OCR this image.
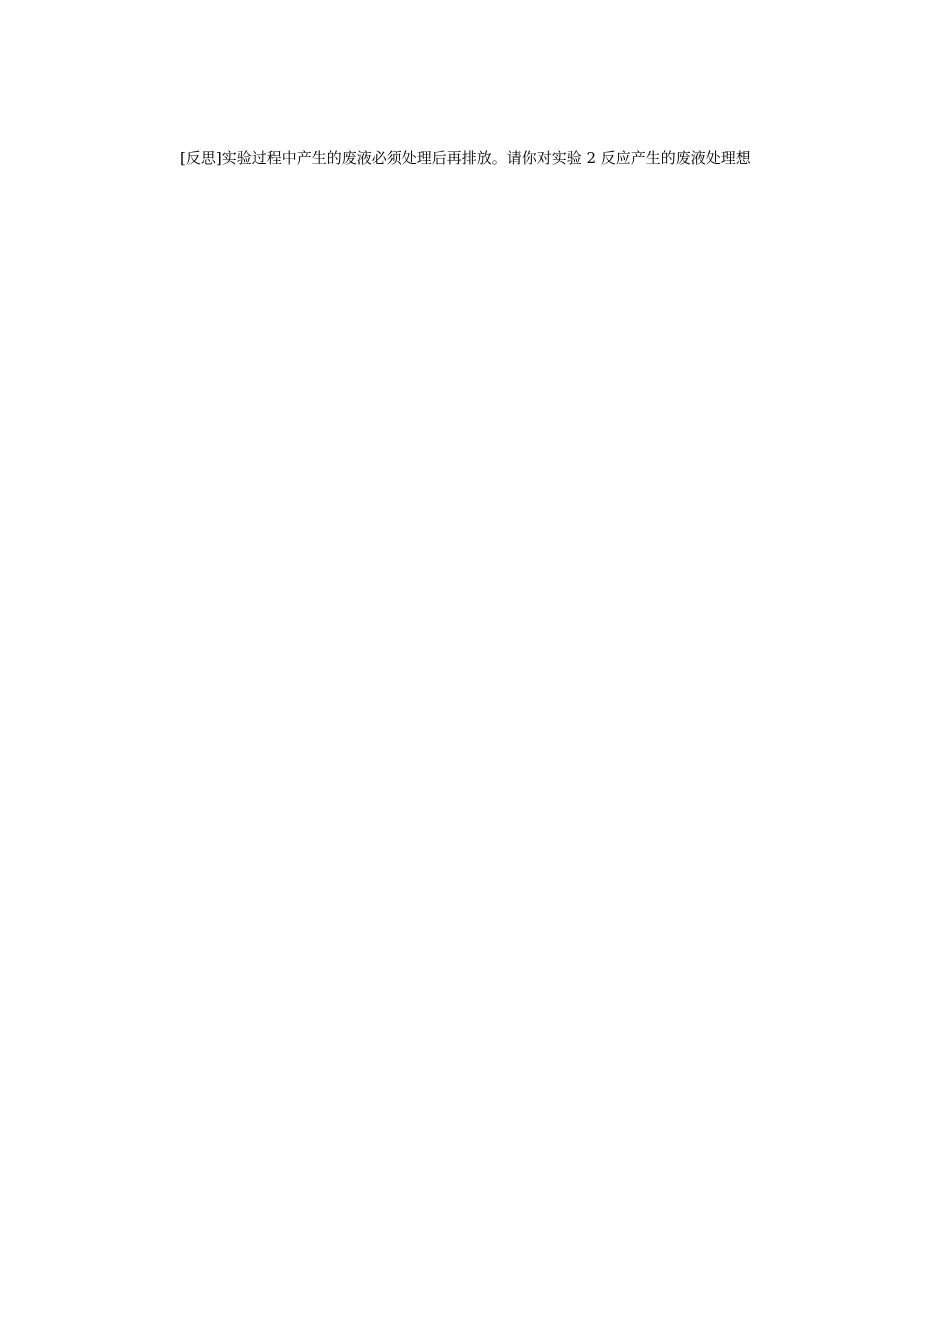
[反思]实验过程中产生的废液必须处理后再排放。请你对实验 2 反应产生的废液处理想
